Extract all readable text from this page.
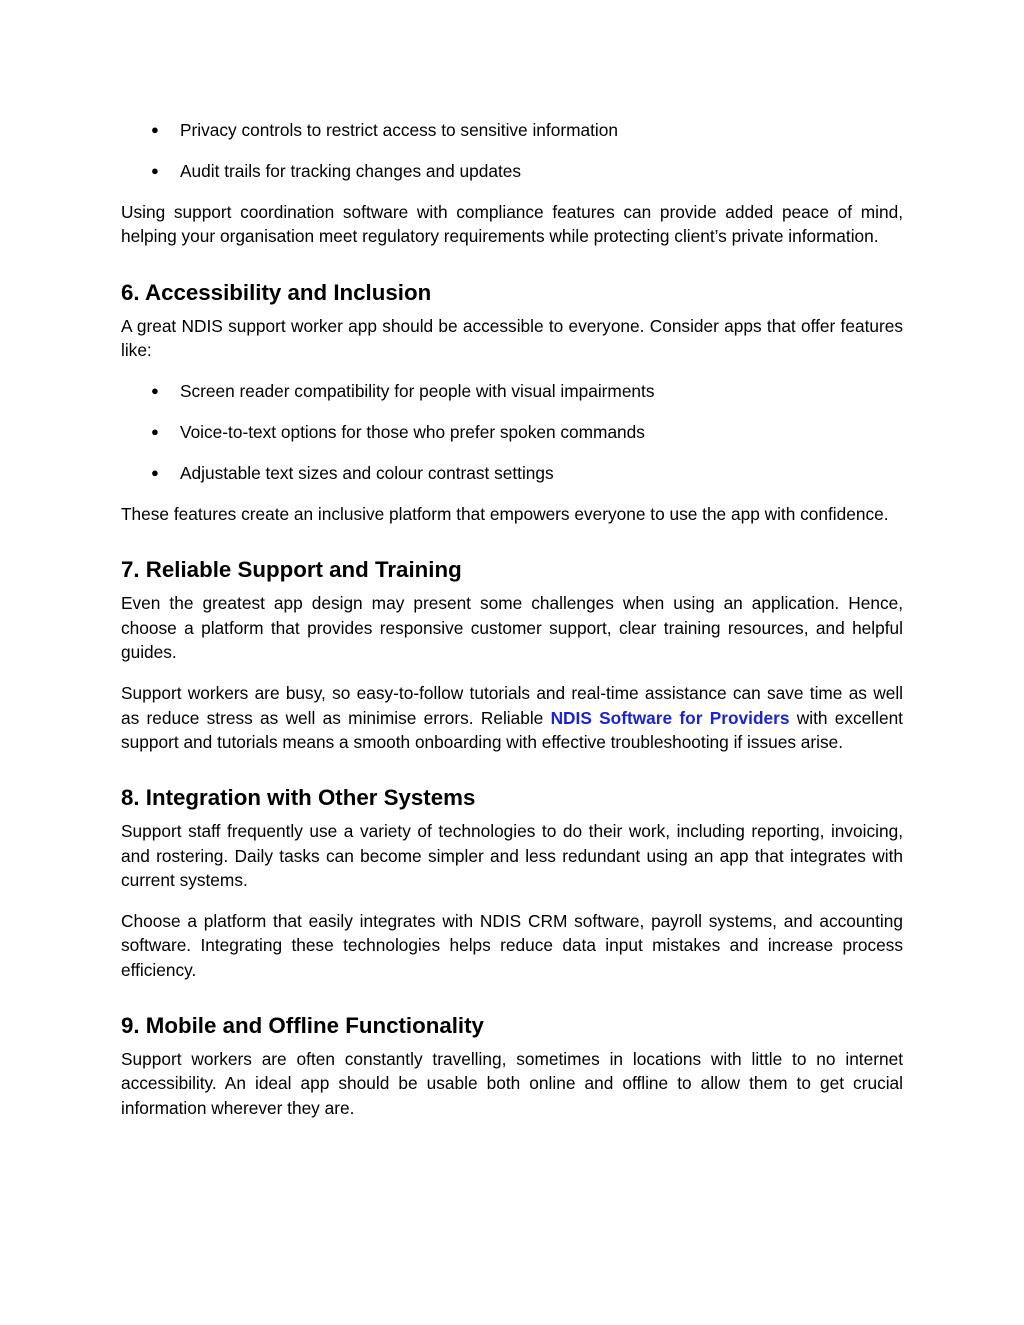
● Privacy controls to restrict access to sensitive information
● Audit trails for tracking changes and updates

Using support coordination software with compliance features can provide added peace of mind, helping your organisation meet regulatory requirements while protecting client’s private information.

6. Accessibility and Inclusion

A great NDIS support worker app should be accessible to everyone. Consider apps that offer features like:

● Screen reader compatibility for people with visual impairments
● Voice-to-text options for those who prefer spoken commands
● Adjustable text sizes and colour contrast settings

These features create an inclusive platform that empowers everyone to use the app with confidence.

7. Reliable Support and Training

Even the greatest app design may present some challenges when using an application. Hence, choose a platform that provides responsive customer support, clear training resources, and helpful guides.

Support workers are busy, so easy-to-follow tutorials and real-time assistance can save time as well as reduce stress as well as minimise errors. Reliable NDIS Software for Providers with excellent support and tutorials means a smooth onboarding with effective troubleshooting if issues arise.

8. Integration with Other Systems

Support staff frequently use a variety of technologies to do their work, including reporting, invoicing, and rostering. Daily tasks can become simpler and less redundant using an app that integrates with current systems.

Choose a platform that easily integrates with NDIS CRM software, payroll systems, and accounting software. Integrating these technologies helps reduce data input mistakes and increase process efficiency.

9. Mobile and Offline Functionality

Support workers are often constantly travelling, sometimes in locations with little to no internet accessibility. An ideal app should be usable both online and offline to allow them to get crucial information wherever they are.
